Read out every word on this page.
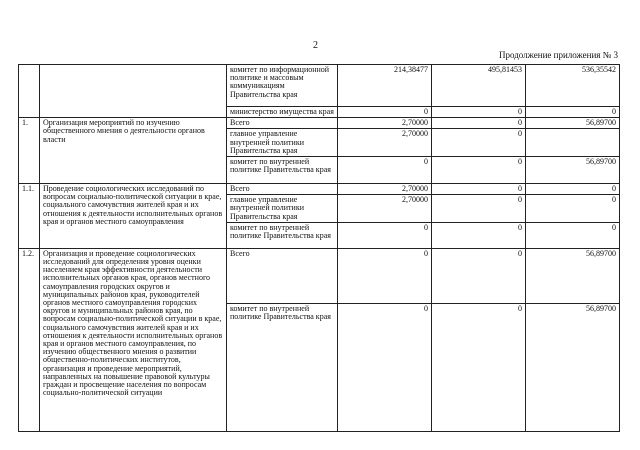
2
Продолжение приложения № 3
		комитет по информационной политике и массовым коммуникациям Правительства края	214,38477	495,81453	536,35542
		министерство имущества края	0	0	0
1.	Организация мероприятий по изучению общественного мнения о деятельности органов власти	Всего	2,70000	0	56,89700
		главное управление внутренней политики Правительства края	2,70000	0	
		комитет по внутренней политике Правительства края	0	0	56,89700
1.1.	Проведение социологических исследований по вопросам социально-политической ситуации в крае, социального самочувствия жителей края и их отношения к деятельности исполнительных органов края и органов местного самоуправления	Всего	2,70000	0	0
		главное управление внутренней политики Правительства края	2,70000	0	0
		комитет по внутренней политике Правительства края	0	0	0
1.2.	Организация и проведение социологических исследований для определения уровня оценки населением края эффективности деятельности исполнительных органов края, органов местного самоуправления городских округов и муниципальных районов края, руководителей органов местного самоуправления городских округов и муниципальных районов края, по вопросам социально-политической ситуации в крае, социального самочувствия жителей края и их отношения к деятельности исполнительных органов края и органов местного самоуправления, по изучению общественного мнения о развитии общественно-политических институтов, организация и проведение мероприятий, направленных на повышение правовой культуры граждан и просвещение населения по вопросам социально-политической ситуации	Всего	0	0	56,89700
		комитет по внутренней политике Правительства края	0	0	56,89700
